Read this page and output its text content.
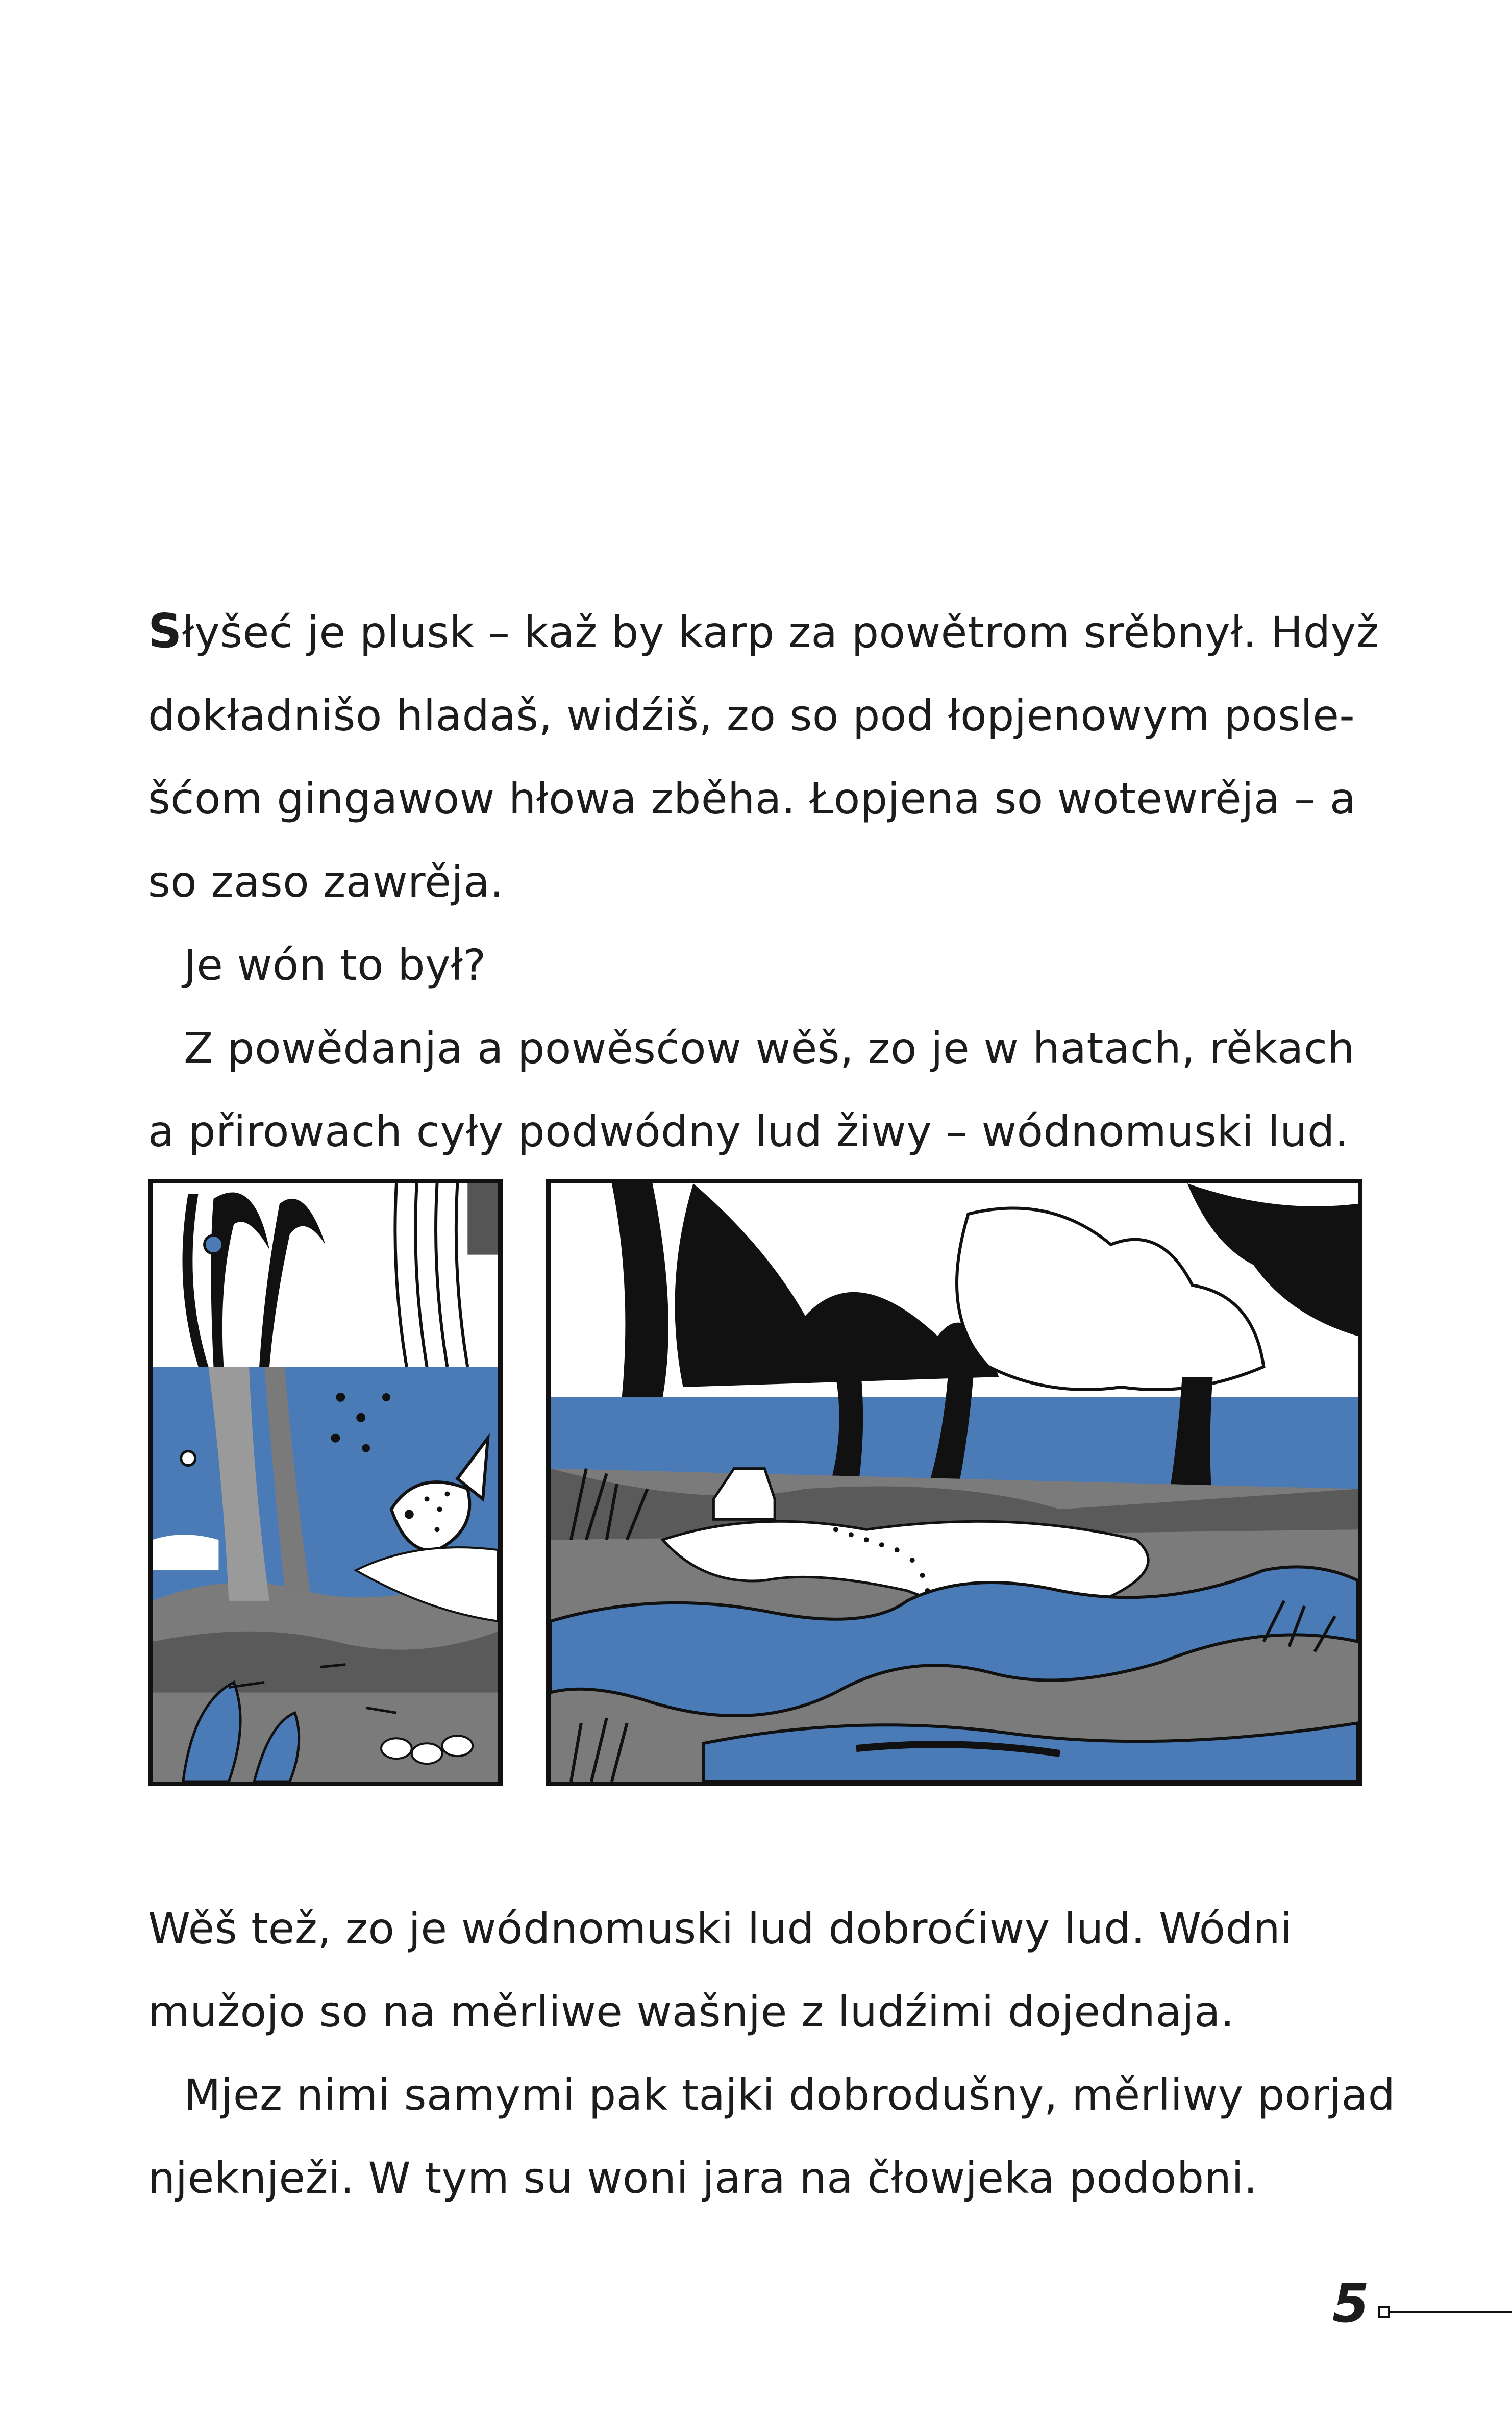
Słyšeć je plusk – kaž by karp za powětrom srěbnył. Hdyž

dokładnišo hladaš, widźiš, zo so pod łopjenowym posle-

šćom gingawow hłowa zběha. Łopjena so wotewrěja – a

so zaso zawrěja.

Je wón to był?

Z powědanja a powěsćow wěš, zo je w hatach, rěkach

a přirowach cyły podwódny lud žiwy – wódnomuski lud.

Wěš tež, zo je wódnomuski lud dobroćiwy lud. Wódni

mužojo so na měrliwe wašnje z ludźimi dojednaja.

Mjez nimi samymi pak tajki dobrodušny, měrliwy porjad

njeknježi. W tym su woni jara na čłowjeka podobni.

5
